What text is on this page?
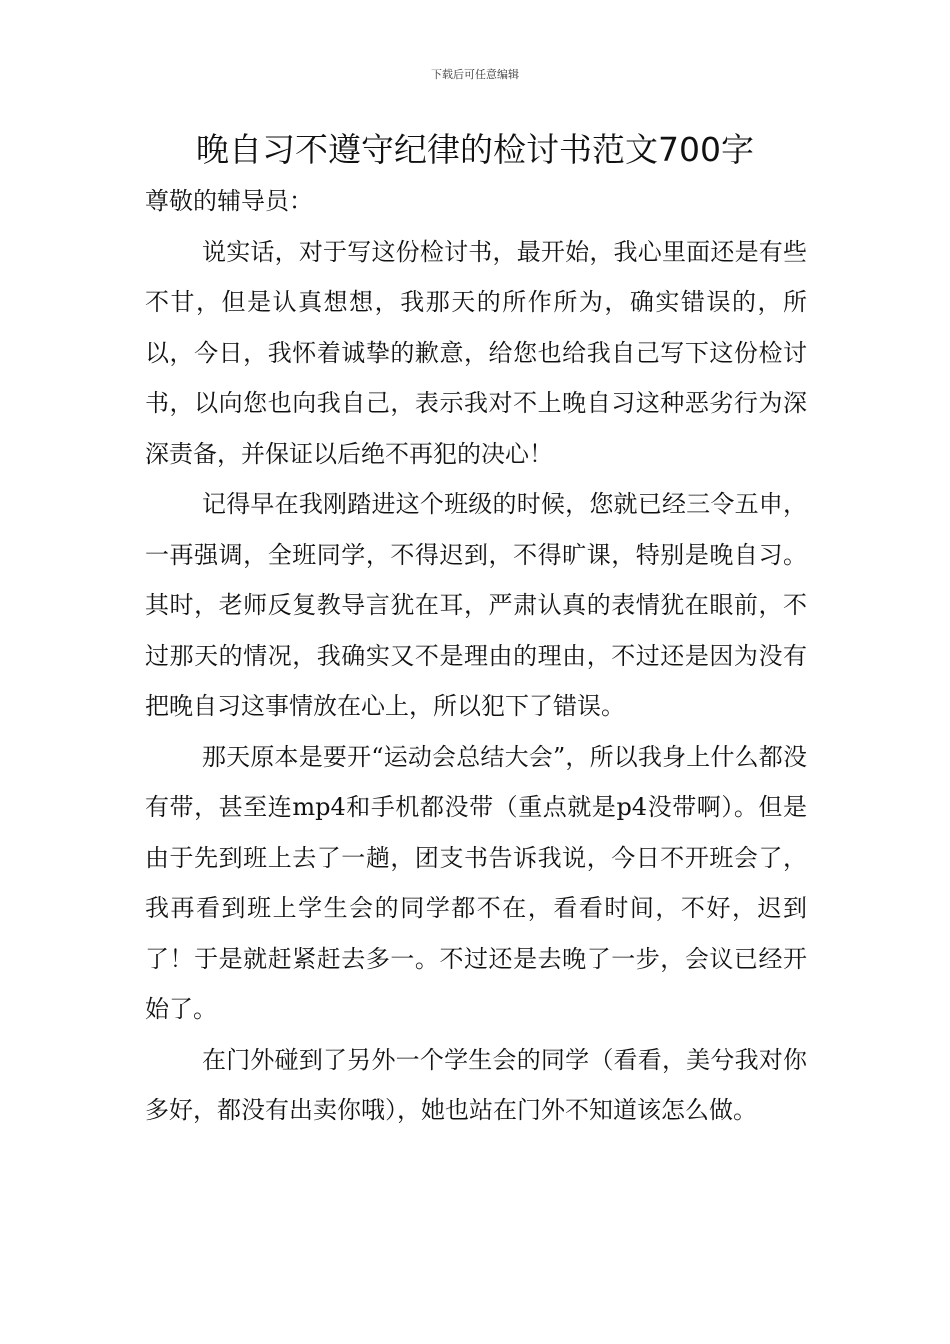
下载后可任意编辑
晚自习不遵守纪律的检讨书范文700字

尊敬的辅导员：

说实话，对于写这份检讨书，最开始，我心里面还是有些不甘，但是认真想想，我那天的所作所为，确实错误的，所以，今日，我怀着诚挚的歉意，给您也给我自己写下这份检讨书，以向您也向我自己，表示我对不上晚自习这种恶劣行为深深责备，并保证以后绝不再犯的决心！

记得早在我刚踏进这个班级的时候，您就已经三令五申，一再强调，全班同学，不得迟到，不得旷课，特别是晚自习。其时，老师反复教导言犹在耳，严肃认真的表情犹在眼前，不过那天的情况，我确实又不是理由的理由，不过还是因为没有把晚自习这事情放在心上，所以犯下了错误。

那天原本是要开“运动会总结大会”，所以我身上什么都没有带，甚至连mp4和手机都没带（重点就是p4没带啊）。但是由于先到班上去了一趟，团支书告诉我说，今日不开班会了，我再看到班上学生会的同学都不在，看看时间，不好，迟到了！于是就赶紧赶去多一。不过还是去晚了一步，会议已经开始了。

在门外碰到了另外一个学生会的同学（看看，美兮我对你多好，都没有出卖你哦），她也站在门外不知道该怎么做。
